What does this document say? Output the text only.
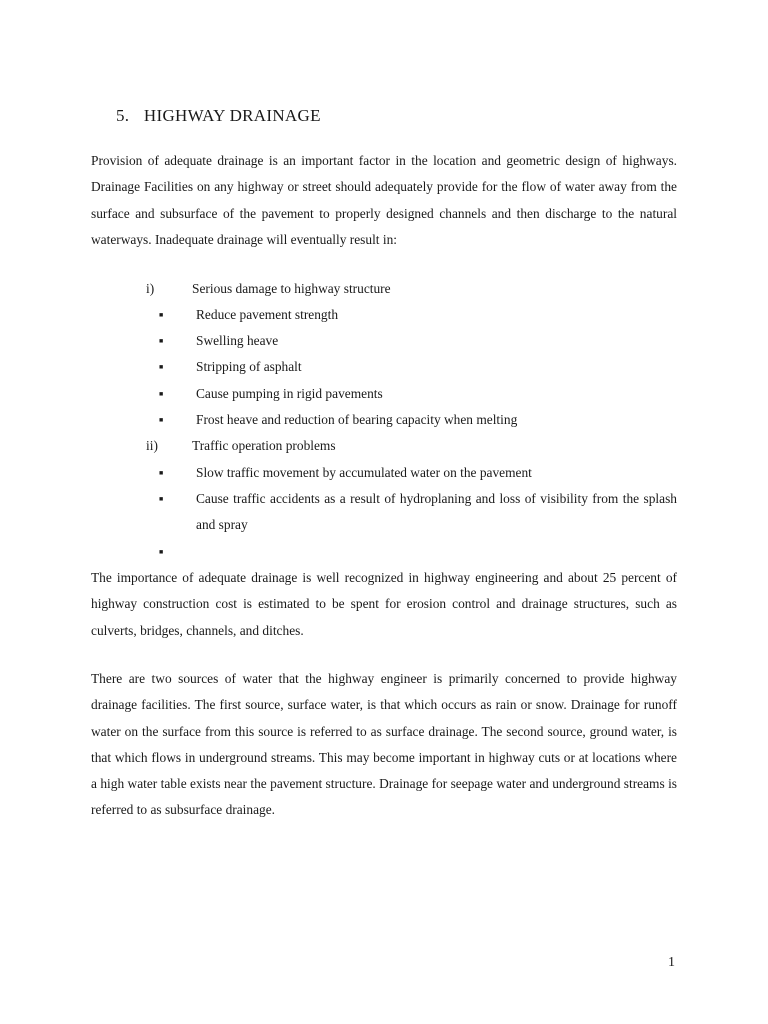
5. HIGHWAY DRAINAGE

Provision of adequate drainage is an important factor in the location and geometric design of highways. Drainage Facilities on any highway or street should adequately provide for the flow of water away from the surface and subsurface of the pavement to properly designed channels and then discharge to the natural waterways. Inadequate drainage will eventually result in:

i)	Serious damage to highway structure
■ Reduce pavement strength
■ Swelling heave
■ Stripping of asphalt
■ Cause pumping in rigid pavements
■ Frost heave and reduction of bearing capacity when melting
ii)	Traffic operation problems
■ Slow traffic movement by accumulated water on the pavement
■ Cause traffic accidents as a result of hydroplaning and loss of visibility from the splash and spray
■

The importance of adequate drainage is well recognized in highway engineering and about 25 percent of highway construction cost is estimated to be spent for erosion control and drainage structures, such as culverts, bridges, channels, and ditches.

There are two sources of water that the highway engineer is primarily concerned to provide highway drainage facilities. The first source, surface water, is that which occurs as rain or snow. Drainage for runoff water on the surface from this source is referred to as surface drainage. The second source, ground water, is that which flows in underground streams. This may become important in highway cuts or at locations where a high water table exists near the pavement structure. Drainage for seepage water and underground streams is referred to as subsurface drainage.

1
